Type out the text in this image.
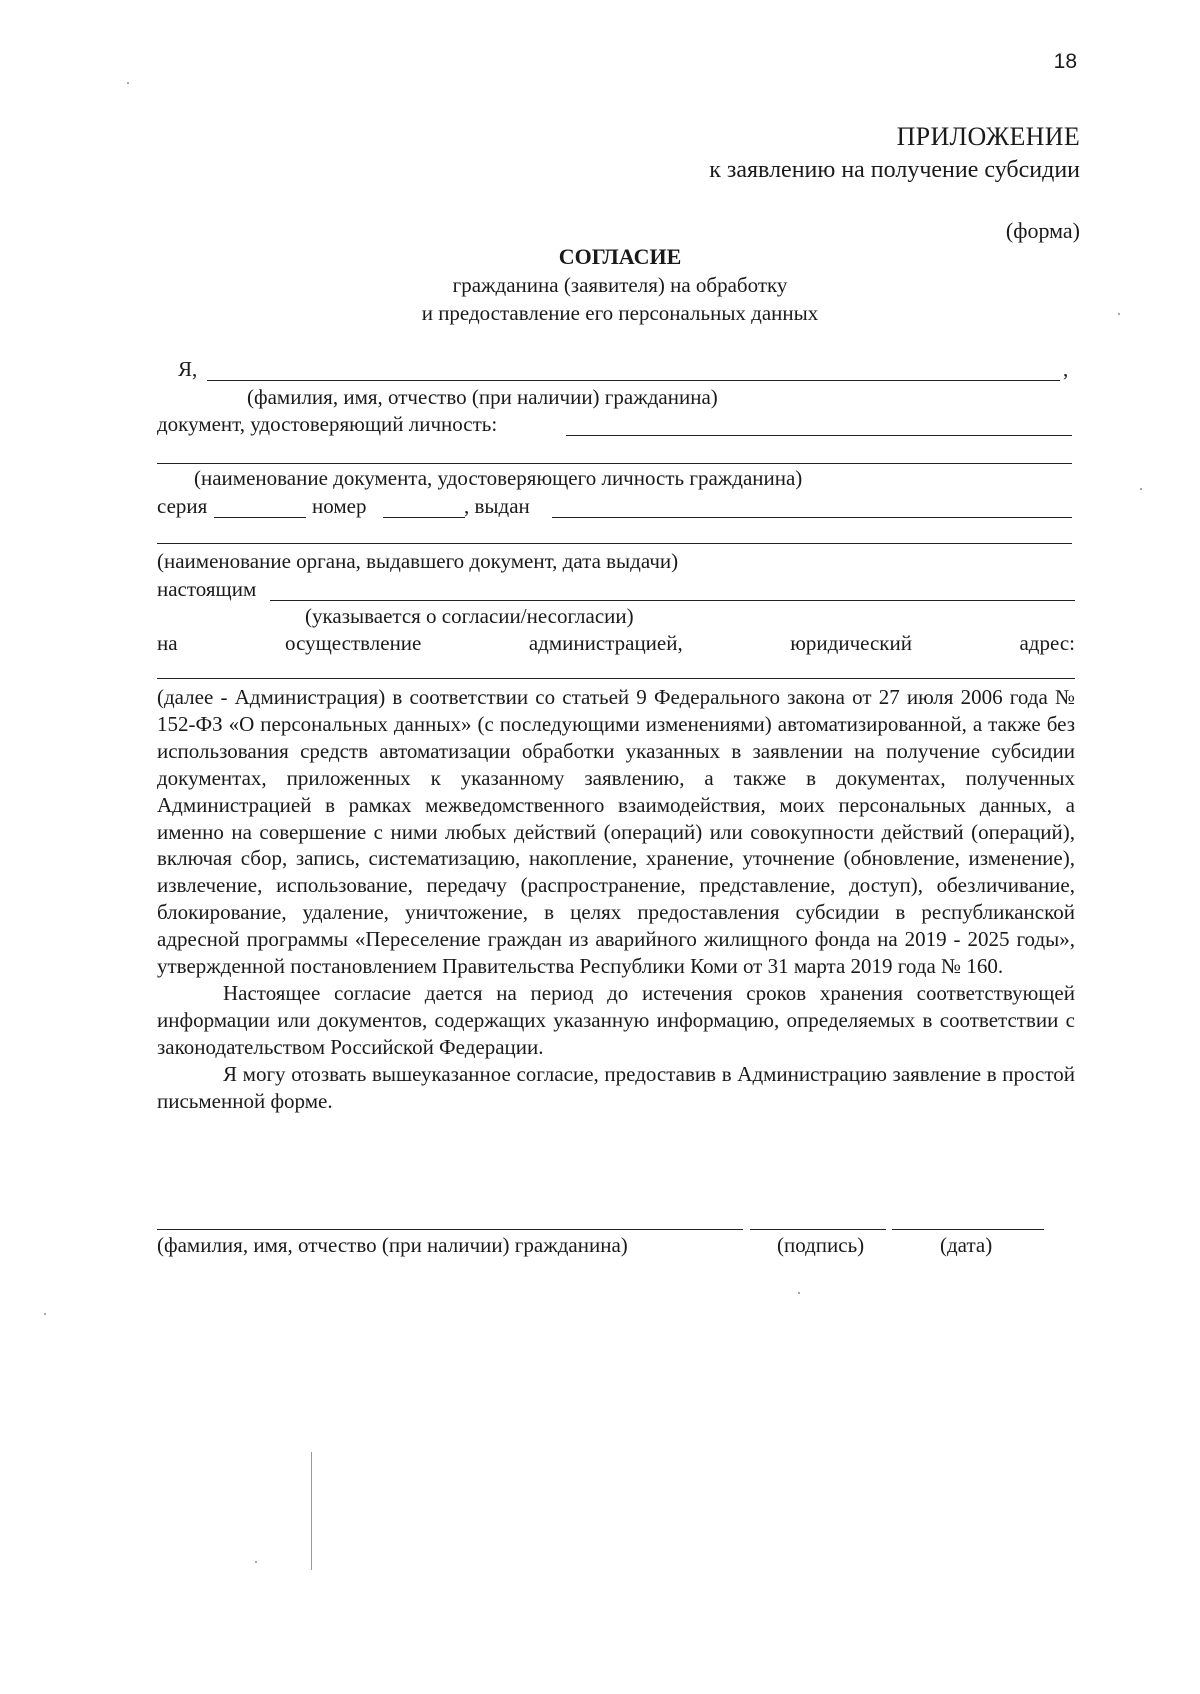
18
ПРИЛОЖЕНИЕ
к заявлению на получение субсидии
(форма)
СОГЛАСИЕ
гражданина (заявителя) на обработку
и предоставление его персональных данных
Я,	,
(фамилия, имя, отчество (при наличии) гражданина)
документ, удостоверяющий личность:
(наименование документа, удостоверяющего личность гражданина)
серия	номер	, выдан
(наименование органа, выдавшего документ, дата выдачи)
настоящим
(указывается о согласии/несогласии)
на	осуществление	администрацией,	юридический	адрес:

(далее - Администрация) в соответствии со статьей 9 Федерального закона от 27 июля 2006 года № 152-ФЗ «О персональных данных» (с последующими изменениями) автоматизированной, а также без использования средств автоматизации обработки указанных в заявлении на получение субсидии документах, приложенных к указанному заявлению, а также в документах, полученных Администрацией в рамках межведомственного взаимодействия, моих персональных данных, а именно на совершение с ними любых действий (операций) или совокупности действий (операций), включая сбор, запись, систематизацию, накопление, хранение, уточнение (обновление, изменение), извлечение, использование, передачу (распространение, представление, доступ), обезличивание, блокирование, удаление, уничтожение, в целях предоставления субсидии в республиканской адресной программы «Переселение граждан из аварийного жилищного фонда на 2019 - 2025 годы», утвержденной постановлением Правительства Республики Коми от 31 марта 2019 года № 160.

Настоящее согласие дается на период до истечения сроков хранения соответствующей информации или документов, содержащих указанную информацию, определяемых в соответствии с законодательством Российской Федерации.

Я могу отозвать вышеуказанное согласие, предоставив в Администрацию заявление в простой письменной форме.

(фамилия, имя, отчество (при наличии) гражданина)	(подпись)	(дата)
